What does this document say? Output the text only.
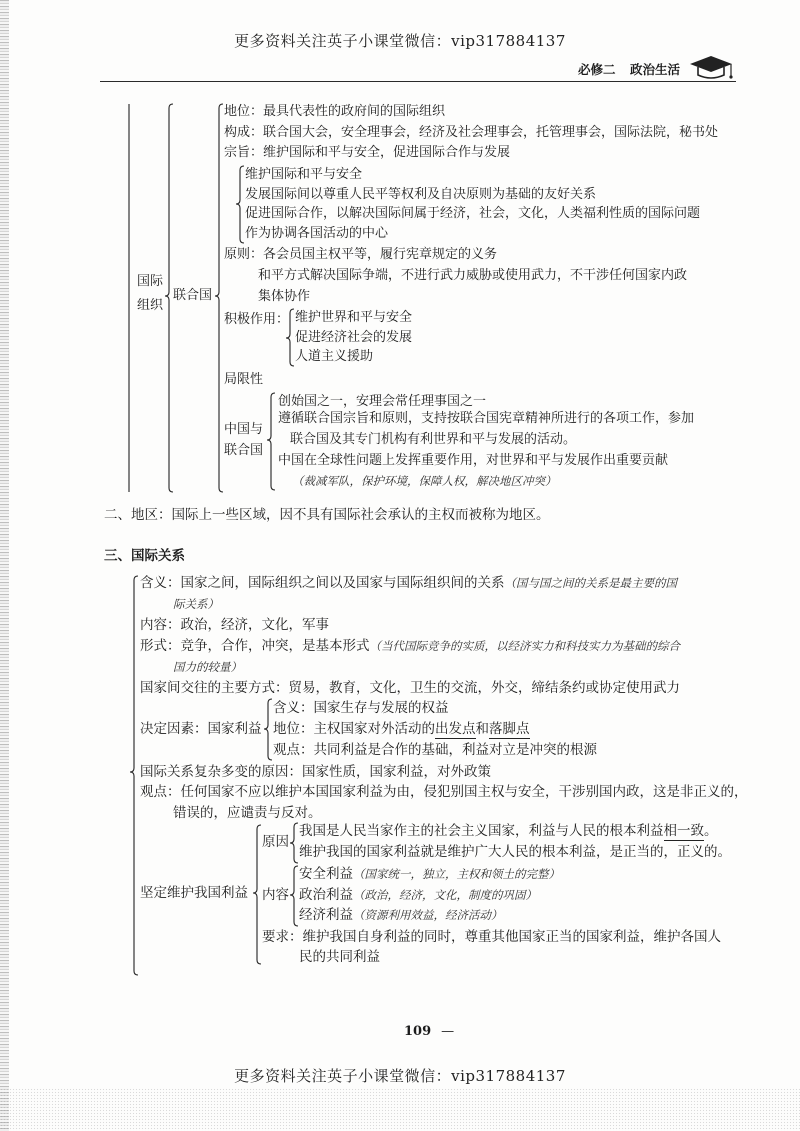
更多资料关注英子小课堂微信：vip317884137
必修二 政治生活
国际
组织
联合国
地位：最具代表性的政府间的国际组织
构成：联合国大会，安全理事会，经济及社会理事会，托管理事会，国际法院，秘书处
宗旨：维护国际和平与安全，促进国际合作与发展
维护国际和平与安全
发展国际间以尊重人民平等权利及自决原则为基础的友好关系
促进国际合作，以解决国际间属于经济，社会，文化，人类福利性质的国际问题
作为协调各国活动的中心
原则：各会员国主权平等，履行宪章规定的义务
和平方式解决国际争端，不进行武力威胁或使用武力，不干涉任何国家内政
集体协作
积极作用： 维护世界和平与安全
促进经济社会的发展
人道主义援助
局限性
中国与
联合国
创始国之一，安理会常任理事国之一
遵循联合国宗旨和原则，支持按联合国宪章精神所进行的各项工作，参加
联合国及其专门机构有利世界和平与发展的活动。
中国在全球性问题上发挥重要作用，对世界和平与发展作出重要贡献
（裁减军队，保护环境，保障人权，解决地区冲突）
二、地区：国际上一些区域，因不具有国际社会承认的主权而被称为地区。
三、国际关系
含义：国家之间，国际组织之间以及国家与国际组织间的关系（国与国之间的关系是最主要的国
际关系）
内容：政治，经济，文化，军事
形式：竞争，合作，冲突，是基本形式（当代国际竞争的实质，以经济实力和科技实力为基础的综合
国力的较量）
国家间交往的主要方式：贸易，教育，文化，卫生的交流，外交，缔结条约或协定使用武力
决定因素：国家利益
含义：国家生存与发展的权益
地位：主权国家对外活动的出发点和落脚点
观点：共同利益是合作的基础，利益对立是冲突的根源
国际关系复杂多变的原因：国家性质，国家利益，对外政策
观点：任何国家不应以维护本国国家利益为由，侵犯别国主权与安全，干涉别国内政，这是非正义的，
错误的，应谴责与反对。
坚定维护我国利益
原因
我国是人民当家作主的社会主义国家，利益与人民的根本利益相一致。
维护我国的国家利益就是维护广大人民的根本利益，是正当的，正义的。
内容
安全利益（国家统一，独立，主权和领土的完整）
政治利益（政治，经济，文化，制度的巩固）
经济利益（资源利用效益，经济活动）
要求：维护我国自身利益的同时，尊重其他国家正当的国家利益，维护各国人
民的共同利益
109 —
更多资料关注英子小课堂微信：vip317884137
